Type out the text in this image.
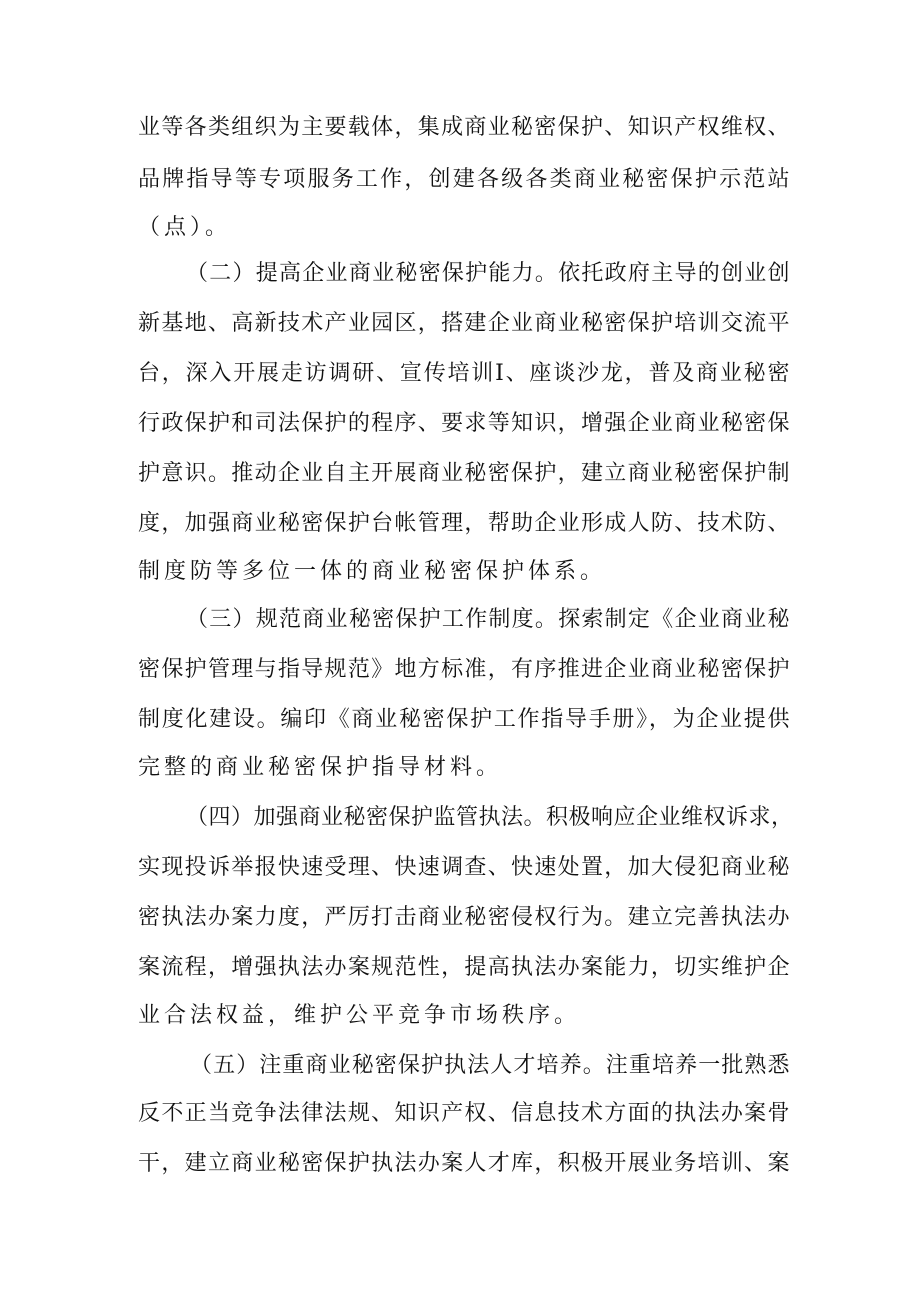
业等各类组织为主要载体，集成商业秘密保护、知识产权维权、
品牌指导等专项服务工作，创建各级各类商业秘密保护示范站
（点）。
（二）提高企业商业秘密保护能力。依托政府主导的创业创
新基地、高新技术产业园区，搭建企业商业秘密保护培训交流平
台，深入开展走访调研、宣传培训Ⅰ、座谈沙龙，普及商业秘密
行政保护和司法保护的程序、要求等知识，增强企业商业秘密保
护意识。推动企业自主开展商业秘密保护，建立商业秘密保护制
度，加强商业秘密保护台帐管理，帮助企业形成人防、技术防、
制度防等多位一体的商业秘密保护体系。
（三）规范商业秘密保护工作制度。探索制定《企业商业秘
密保护管理与指导规范》地方标准，有序推进企业商业秘密保护
制度化建设。编印《商业秘密保护工作指导手册》，为企业提供
完整的商业秘密保护指导材料。
（四）加强商业秘密保护监管执法。积极响应企业维权诉求，
实现投诉举报快速受理、快速调查、快速处置，加大侵犯商业秘
密执法办案力度，严厉打击商业秘密侵权行为。建立完善执法办
案流程，增强执法办案规范性，提高执法办案能力，切实维护企
业合法权益，维护公平竞争市场秩序。
（五）注重商业秘密保护执法人才培养。注重培养一批熟悉
反不正当竞争法律法规、知识产权、信息技术方面的执法办案骨
干，建立商业秘密保护执法办案人才库，积极开展业务培训、案
